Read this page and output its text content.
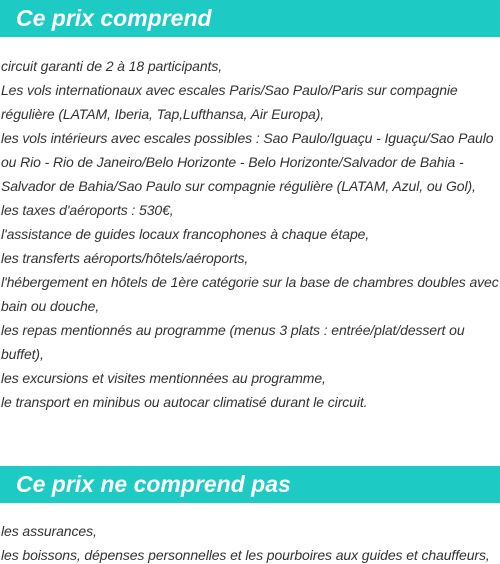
Ce prix comprend
circuit garanti de 2 à 18 participants,
Les vols internationaux avec escales Paris/Sao Paulo/Paris sur compagnie régulière (LATAM, Iberia, Tap,Lufthansa, Air Europa),
les vols intérieurs avec escales possibles : Sao Paulo/Iguaçu - Iguaçu/Sao Paulo ou Rio - Rio de Janeiro/Belo Horizonte - Belo Horizonte/Salvador de Bahia - Salvador de Bahia/Sao Paulo sur compagnie régulière (LATAM, Azul, ou Gol),
les taxes d'aéroports : 530€,
l'assistance de guides locaux francophones à chaque étape,
les transferts aéroports/hôtels/aéroports,
l'hébergement en hôtels de 1ère catégorie sur la base de chambres doubles avec bain ou douche,
les repas mentionnés au programme (menus 3 plats : entrée/plat/dessert ou buffet),
les excursions et visites mentionnées au programme,
le transport en minibus ou autocar climatisé durant le circuit.
Ce prix ne comprend pas
les assurances,
les boissons, dépenses personnelles et les pourboires aux guides et chauffeurs,
